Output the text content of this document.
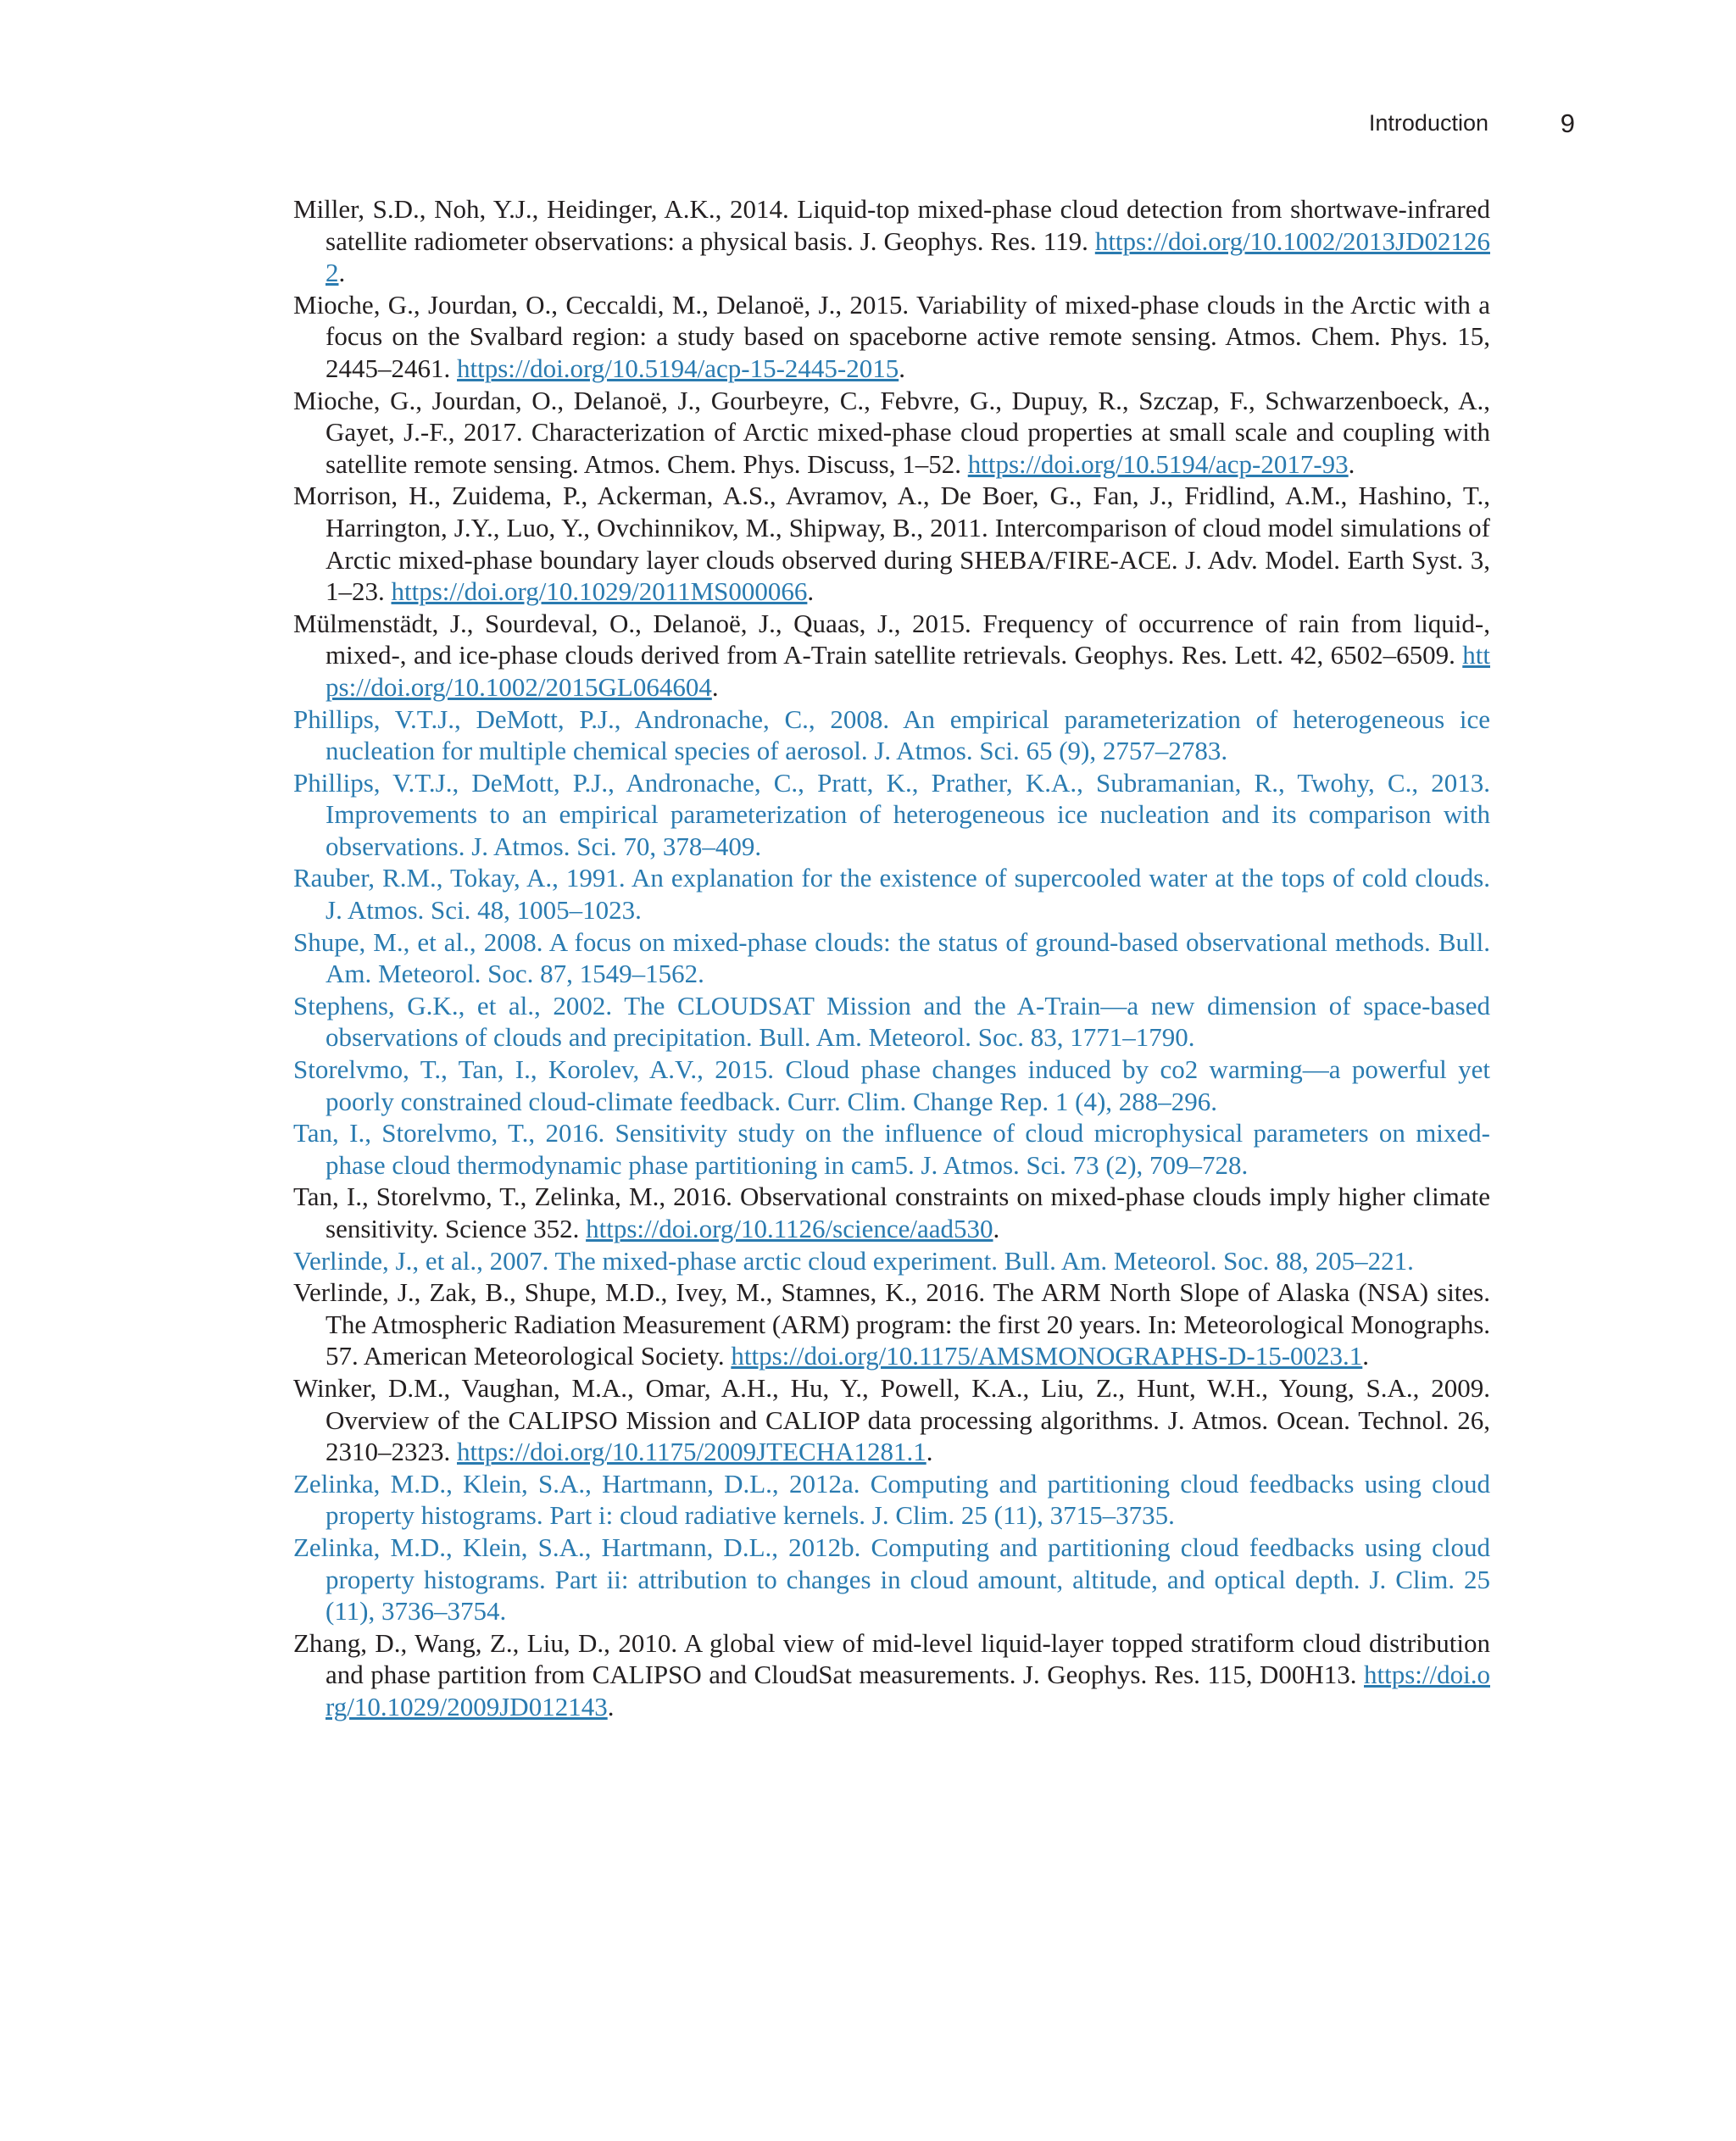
Introduction	9

Miller, S.D., Noh, Y.J., Heidinger, A.K., 2014. Liquid-top mixed-phase cloud detection from shortwave-infrared satellite radiometer observations: a physical basis. J. Geophys. Res. 119. https://doi.org/10.1002/2013JD021262.

Mioche, G., Jourdan, O., Ceccaldi, M., Delanoë, J., 2015. Variability of mixed-phase clouds in the Arctic with a focus on the Svalbard region: a study based on spaceborne active remote sensing. Atmos. Chem. Phys. 15, 2445–2461. https://doi.org/10.5194/acp-15-2445-2015.

Mioche, G., Jourdan, O., Delanoë, J., Gourbeyre, C., Febvre, G., Dupuy, R., Szczap, F., Schwarzenboeck, A., Gayet, J.-F., 2017. Characterization of Arctic mixed-phase cloud properties at small scale and coupling with satellite remote sensing. Atmos. Chem. Phys. Discuss, 1–52. https://doi.org/10.5194/acp-2017-93.

Morrison, H., Zuidema, P., Ackerman, A.S., Avramov, A., De Boer, G., Fan, J., Fridlind, A.M., Hashino, T., Harrington, J.Y., Luo, Y., Ovchinnikov, M., Shipway, B., 2011. Intercomparison of cloud model simulations of Arctic mixed-phase boundary layer clouds observed during SHEBA/FIRE-ACE. J. Adv. Model. Earth Syst. 3, 1–23. https://doi.org/10.1029/2011MS000066.

Mülmenstädt, J., Sourdeval, O., Delanoë, J., Quaas, J., 2015. Frequency of occurrence of rain from liquid-, mixed-, and ice-phase clouds derived from A-Train satellite retrievals. Geophys. Res. Lett. 42, 6502–6509. https://doi.org/10.1002/2015GL064604.

Phillips, V.T.J., DeMott, P.J., Andronache, C., 2008. An empirical parameterization of heterogeneous ice nucleation for multiple chemical species of aerosol. J. Atmos. Sci. 65 (9), 2757–2783.

Phillips, V.T.J., DeMott, P.J., Andronache, C., Pratt, K., Prather, K.A., Subramanian, R., Twohy, C., 2013. Improvements to an empirical parameterization of heterogeneous ice nucleation and its comparison with observations. J. Atmos. Sci. 70, 378–409.

Rauber, R.M., Tokay, A., 1991. An explanation for the existence of supercooled water at the tops of cold clouds. J. Atmos. Sci. 48, 1005–1023.

Shupe, M., et al., 2008. A focus on mixed-phase clouds: the status of ground-based observational methods. Bull. Am. Meteorol. Soc. 87, 1549–1562.

Stephens, G.K., et al., 2002. The CLOUDSAT Mission and the A-Train—a new dimension of space-based observations of clouds and precipitation. Bull. Am. Meteorol. Soc. 83, 1771–1790.

Storelvmo, T., Tan, I., Korolev, A.V., 2015. Cloud phase changes induced by co2 warming—a powerful yet poorly constrained cloud-climate feedback. Curr. Clim. Change Rep. 1 (4), 288–296.

Tan, I., Storelvmo, T., 2016. Sensitivity study on the influence of cloud microphysical parameters on mixed-phase cloud thermodynamic phase partitioning in cam5. J. Atmos. Sci. 73 (2), 709–728.

Tan, I., Storelvmo, T., Zelinka, M., 2016. Observational constraints on mixed-phase clouds imply higher climate sensitivity. Science 352. https://doi.org/10.1126/science/aad530.

Verlinde, J., et al., 2007. The mixed-phase arctic cloud experiment. Bull. Am. Meteorol. Soc. 88, 205–221.

Verlinde, J., Zak, B., Shupe, M.D., Ivey, M., Stamnes, K., 2016. The ARM North Slope of Alaska (NSA) sites. The Atmospheric Radiation Measurement (ARM) program: the first 20 years. In: Meteorological Monographs. 57. American Meteorological Society. https://doi.org/10.1175/AMSMONOGRAPHS-D-15-0023.1.

Winker, D.M., Vaughan, M.A., Omar, A.H., Hu, Y., Powell, K.A., Liu, Z., Hunt, W.H., Young, S.A., 2009. Overview of the CALIPSO Mission and CALIOP data processing algorithms. J. Atmos. Ocean. Technol. 26, 2310–2323. https://doi.org/10.1175/2009JTECHA1281.1.

Zelinka, M.D., Klein, S.A., Hartmann, D.L., 2012a. Computing and partitioning cloud feedbacks using cloud property histograms. Part i: cloud radiative kernels. J. Clim. 25 (11), 3715–3735.

Zelinka, M.D., Klein, S.A., Hartmann, D.L., 2012b. Computing and partitioning cloud feedbacks using cloud property histograms. Part ii: attribution to changes in cloud amount, altitude, and optical depth. J. Clim. 25 (11), 3736–3754.

Zhang, D., Wang, Z., Liu, D., 2010. A global view of mid-level liquid-layer topped stratiform cloud distribution and phase partition from CALIPSO and CloudSat measurements. J. Geophys. Res. 115, D00H13. https://doi.org/10.1029/2009JD012143.
